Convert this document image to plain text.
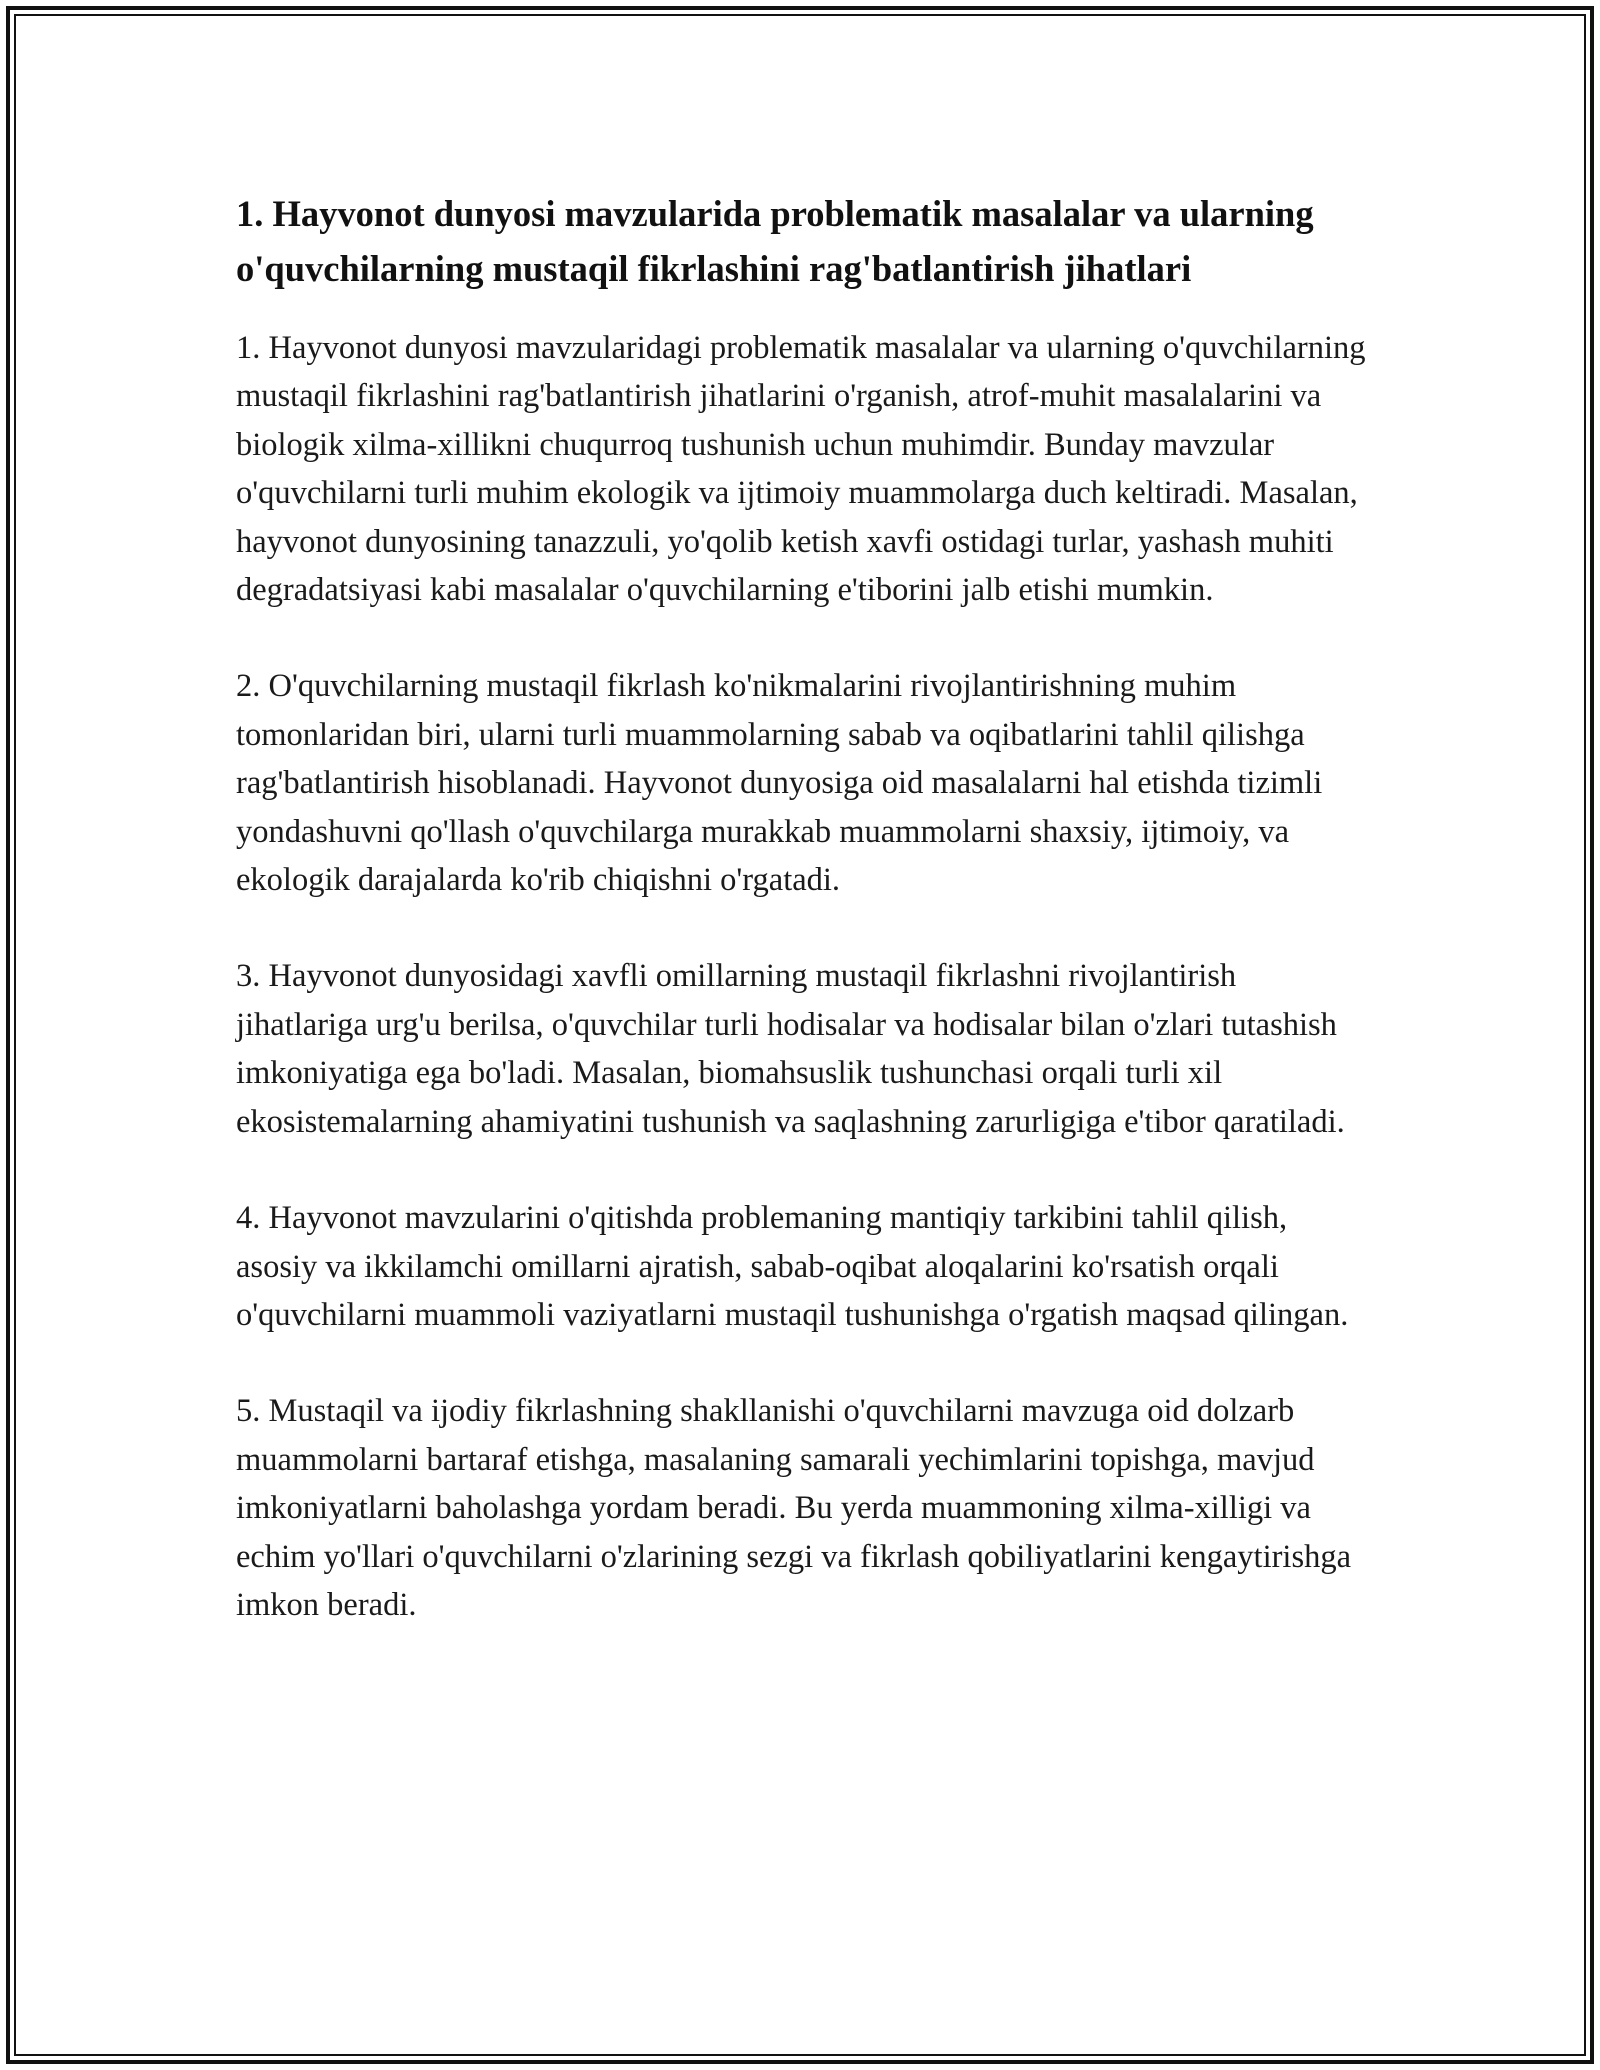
1. Hayvonot dunyosi mavzularida problematik masalalar va ularning o'quvchilarning mustaqil fikrlashini rag'batlantirish jihatlari

1. Hayvonot dunyosi mavzularidagi problematik masalalar va ularning o'quvchilarning mustaqil fikrlashini rag'batlantirish jihatlarini o'rganish, atrof-muhit masalalarini va biologik xilma-xillikni chuqurroq tushunish uchun muhimdir. Bunday mavzular o'quvchilarni turli muhim ekologik va ijtimoiy muammolarga duch keltiradi. Masalan, hayvonot dunyosining tanazzuli, yo'qolib ketish xavfi ostidagi turlar, yashash muhiti degradatsiyasi kabi masalalar o'quvchilarning e'tiborini jalb etishi mumkin.

2. O'quvchilarning mustaqil fikrlash ko'nikmalarini rivojlantirishning muhim tomonlaridan biri, ularni turli muammolarning sabab va oqibatlarini tahlil qilishga rag'batlantirish hisoblanadi. Hayvonot dunyosiga oid masalalarni hal etishda tizimli yondashuvni qo'llash o'quvchilarga murakkab muammolarni shaxsiy, ijtimoiy, va ekologik darajalarda ko'rib chiqishni o'rgatadi.

3. Hayvonot dunyosidagi xavfli omillarning mustaqil fikrlashni rivojlantirish jihatlariga urg'u berilsa, o'quvchilar turli hodisalar va hodisalar bilan o'zlari tutashish imkoniyatiga ega bo'ladi. Masalan, biomahsuslik tushunchasi orqali turli xil ekosistemalarning ahamiyatini tushunish va saqlashning zarurligiga e'tibor qaratiladi.

4. Hayvonot mavzularini o'qitishda problemaning mantiqiy tarkibini tahlil qilish, asosiy va ikkilamchi omillarni ajratish, sabab-oqibat aloqalarini ko'rsatish orqali o'quvchilarni muammoli vaziyatlarni mustaqil tushunishga o'rgatish maqsad qilingan.

5. Mustaqil va ijodiy fikrlashning shakllanishi o'quvchilarni mavzuga oid dolzarb muammolarni bartaraf etishga, masalaning samarali yechimlarini topishga, mavjud imkoniyatlarni baholashga yordam beradi. Bu yerda muammoning xilma-xilligi va echim yo'llari o'quvchilarni o'zlarining sezgi va fikrlash qobiliyatlarini kengaytirishga imkon beradi.
